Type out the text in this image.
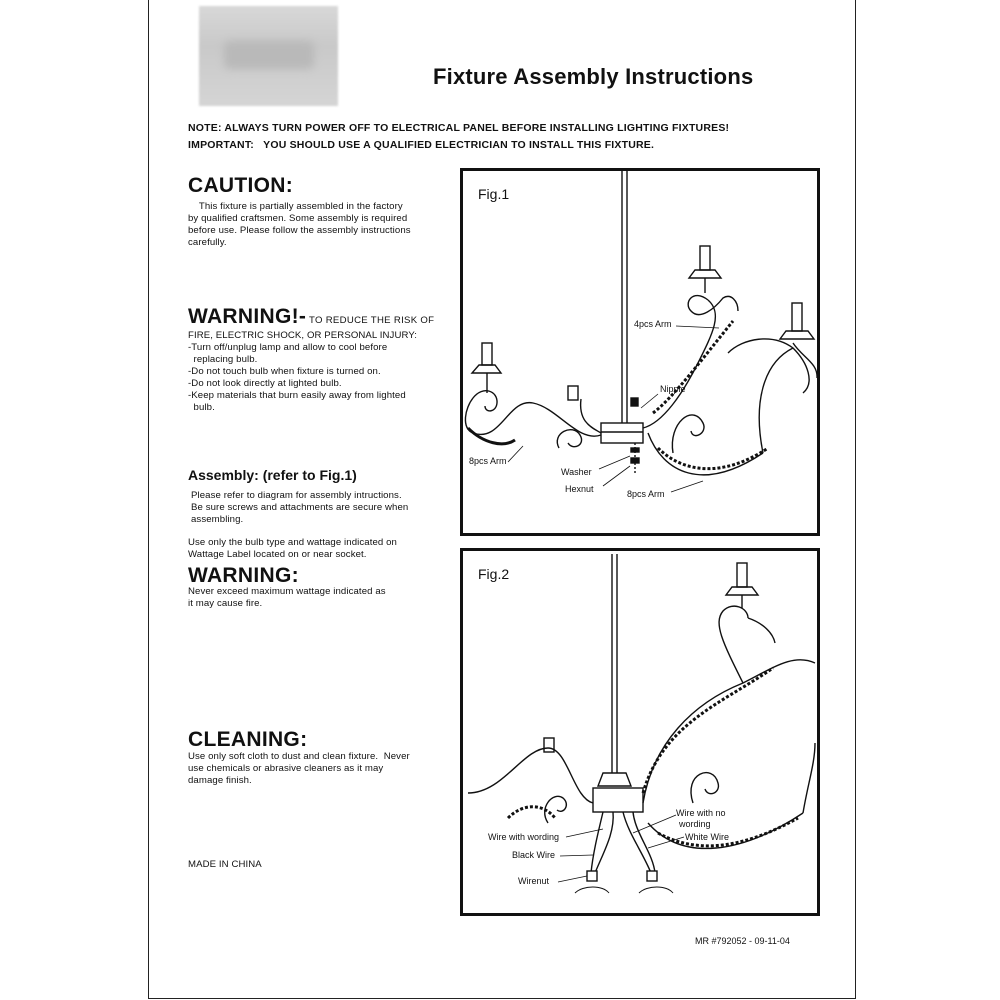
Fixture Assembly Instructions
NOTE: ALWAYS TURN POWER OFF TO ELECTRICAL PANEL BEFORE INSTALLING LIGHTING FIXTURES!
IMPORTANT:   YOU SHOULD USE A QUALIFIED ELECTRICIAN TO INSTALL THIS FIXTURE.
CAUTION:
This fixture is partially assembled in the factory
by qualified craftsmen. Some assembly is required
before use. Please follow the assembly instructions
carefully.
WARNING!- TO REDUCE THE RISK OF
FIRE, ELECTRIC SHOCK, OR PERSONAL INJURY:
-Turn off/unplug lamp and allow to cool before
replacing bulb.
-Do not touch bulb when fixture is turned on.
-Do not look directly at lighted bulb.
-Keep materials that burn easily away from lighted
bulb.
Assembly: (refer to Fig.1)
Please refer to diagram for assembly intructions.
Be sure screws and attachments are secure when
assembling.
Use only the bulb type and wattage indicated on
Wattage Label located on or near socket.
WARNING:
Never exceed maximum wattage indicated as
it may cause fire.
CLEANING:
Use only soft cloth to dust and clean fixture.  Never
use chemicals or abrasive cleaners as it may
damage finish.
MADE IN CHINA
4pcs Arm
Nipple
8pcs Arm
Washer
Hexnut	8pcs Arm
Fig.1
Wire with wording
Black Wire
Wirenut
Wire with no
wording
White Wire
Fig.2
MR #792052 - 09-11-04
